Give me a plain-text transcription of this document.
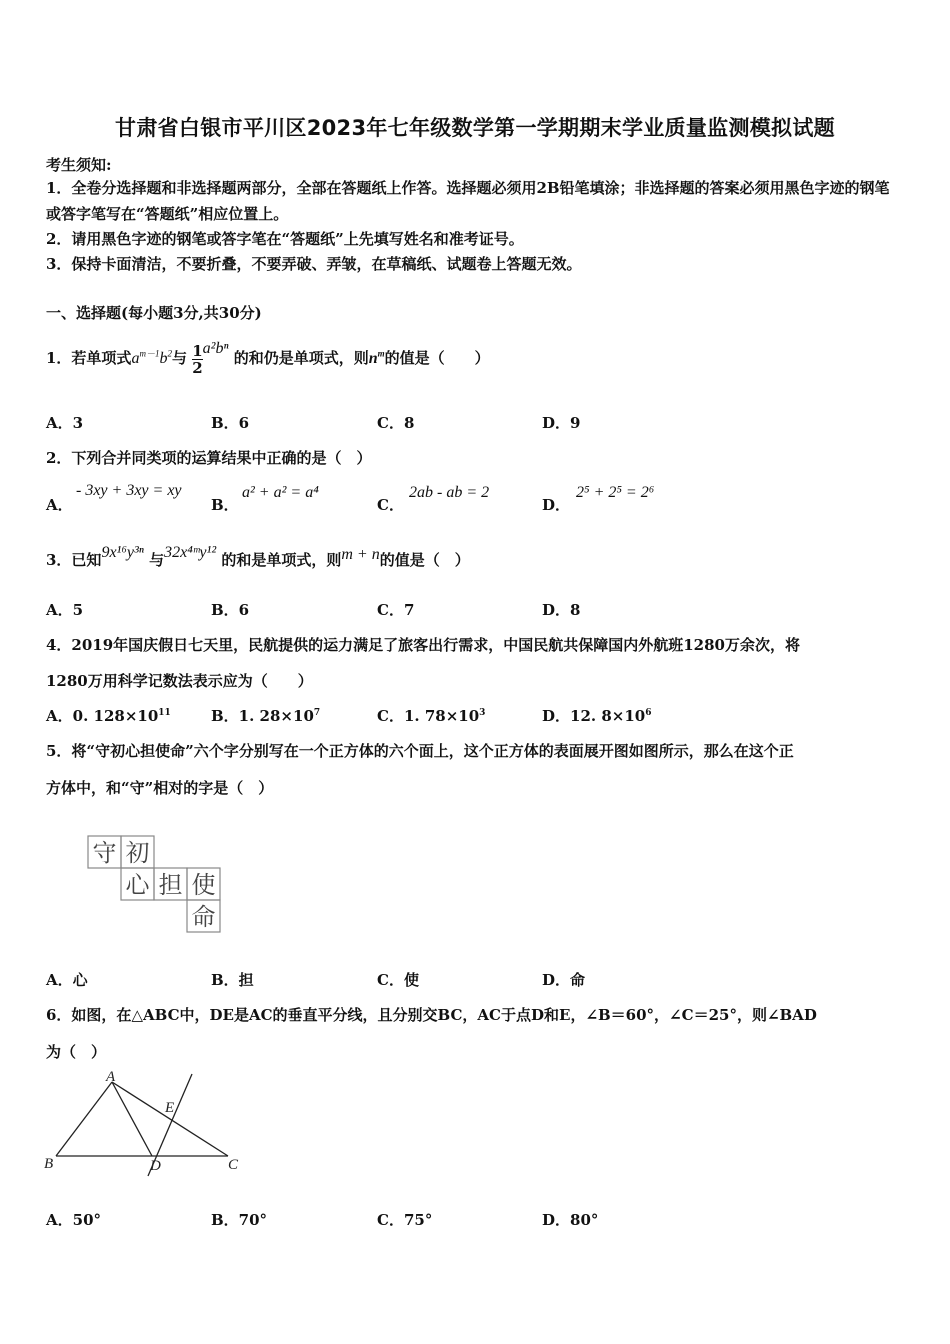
甘肃省白银市平川区2023年七年级数学第一学期期末学业质量监测模拟试题
考生须知:
1．全卷分选择题和非选择题两部分，全部在答题纸上作答。选择题必须用2B铅笔填涂；非选择题的答案必须用黑色字迹的钢笔或答字笔写在“答题纸”相应位置上。
2．请用黑色字迹的钢笔或答字笔在“答题纸”上先填写姓名和准考证号。
3．保持卡面清洁，不要折叠，不要弄破、弄皱，在草稿纸、试题卷上答题无效。
一、选择题(每小题3分,共30分)
1．若单项式$a^{m-1}b^2$与 $\frac{1}{2} a^2b^n$ 的和仍是单项式，则$n^m$的值是（　　）
A．3	B．6	C．8	D．9
2．下列合并同类项的运算结果中正确的是（　）
A．
- 3xy + 3xy = xy
B．
a² + a² = a⁴
C．
2ab - ab = 2
D．
2⁵ + 2⁵ = 2⁶
3．已知9x¹⁶y³ⁿ 与32x⁴ᵐy¹² 的和是单项式，则m + n的值是（　）
A．5	B．6	C．7	D．8
4．2019年国庆假日七天里，民航提供的运力满足了旅客出行需求，中国民航共保障国内外航班1280万余次，将
1280万用科学记数法表示应为（　　）
A．0. $128\times 10^{11}$	B．1. $28\times 10^7$	C．1. $78\times 10^3$	D．12. $8\times 10^6$
5．将“守初心担使命”六个字分别写在一个正方体的六个面上，这个正方体的表面展开图如图所示，那么在这个正
方体中，和“守”相对的字是（　）
守 初
心 担 使
命
A．心	B．担	C．使	D．命
6．如图，在△ABC中，DE是AC的垂直平分线，且分别交BC，AC于点D和E，∠B＝60°，∠C＝25°，则∠BAD
为（　）
A
B	C
D
E
A．50°	B．70°	C．75°	D．80°
